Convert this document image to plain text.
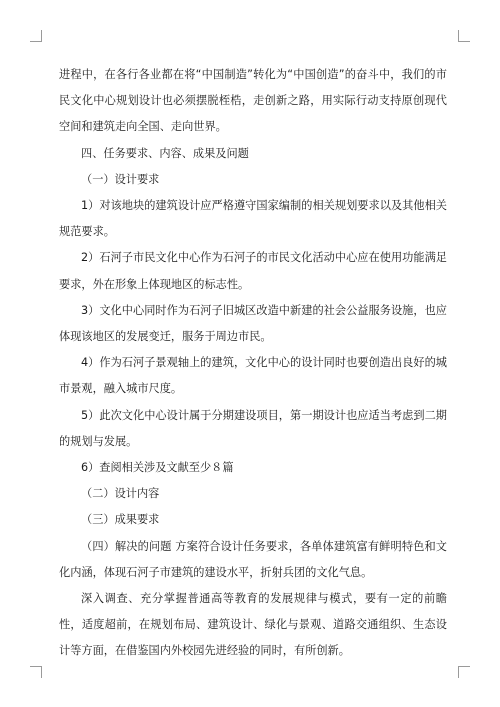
进程中，在各行各业都在将“中国制造”转化为“中国创造”的奋斗中，我们的市民文化中心规划设计也必须摆脱桎梏，走创新之路，用实际行动支持原创现代空间和建筑走向全国、走向世界。

四、任务要求、内容、成果及问题

（一）设计要求

1）对该地块的建筑设计应严格遵守国家编制的相关规划要求以及其他相关规范要求。

2）石河子市民文化中心作为石河子的市民文化活动中心应在使用功能满足要求，外在形象上体现地区的标志性。

3）文化中心同时作为石河子旧城区改造中新建的社会公益服务设施，也应体现该地区的发展变迁，服务于周边市民。

4）作为石河子景观轴上的建筑，文化中心的设计同时也要创造出良好的城市景观，融入城市尺度。

5）此次文化中心设计属于分期建设项目，第一期设计也应适当考虑到二期的规划与发展。

6）查阅相关涉及文献至少８篇

（二）设计内容

（三）成果要求

（四）解决的问题 方案符合设计任务要求，各单体建筑富有鲜明特色和文化内涵，体现石河子市建筑的建设水平，折射兵团的文化气息。

深入调查、充分掌握普通高等教育的发展规律与模式，要有一定的前瞻性，适度超前，在规划布局、建筑设计、绿化与景观、道路交通组织、生态设计等方面，在借鉴国内外校园先进经验的同时，有所创新。
